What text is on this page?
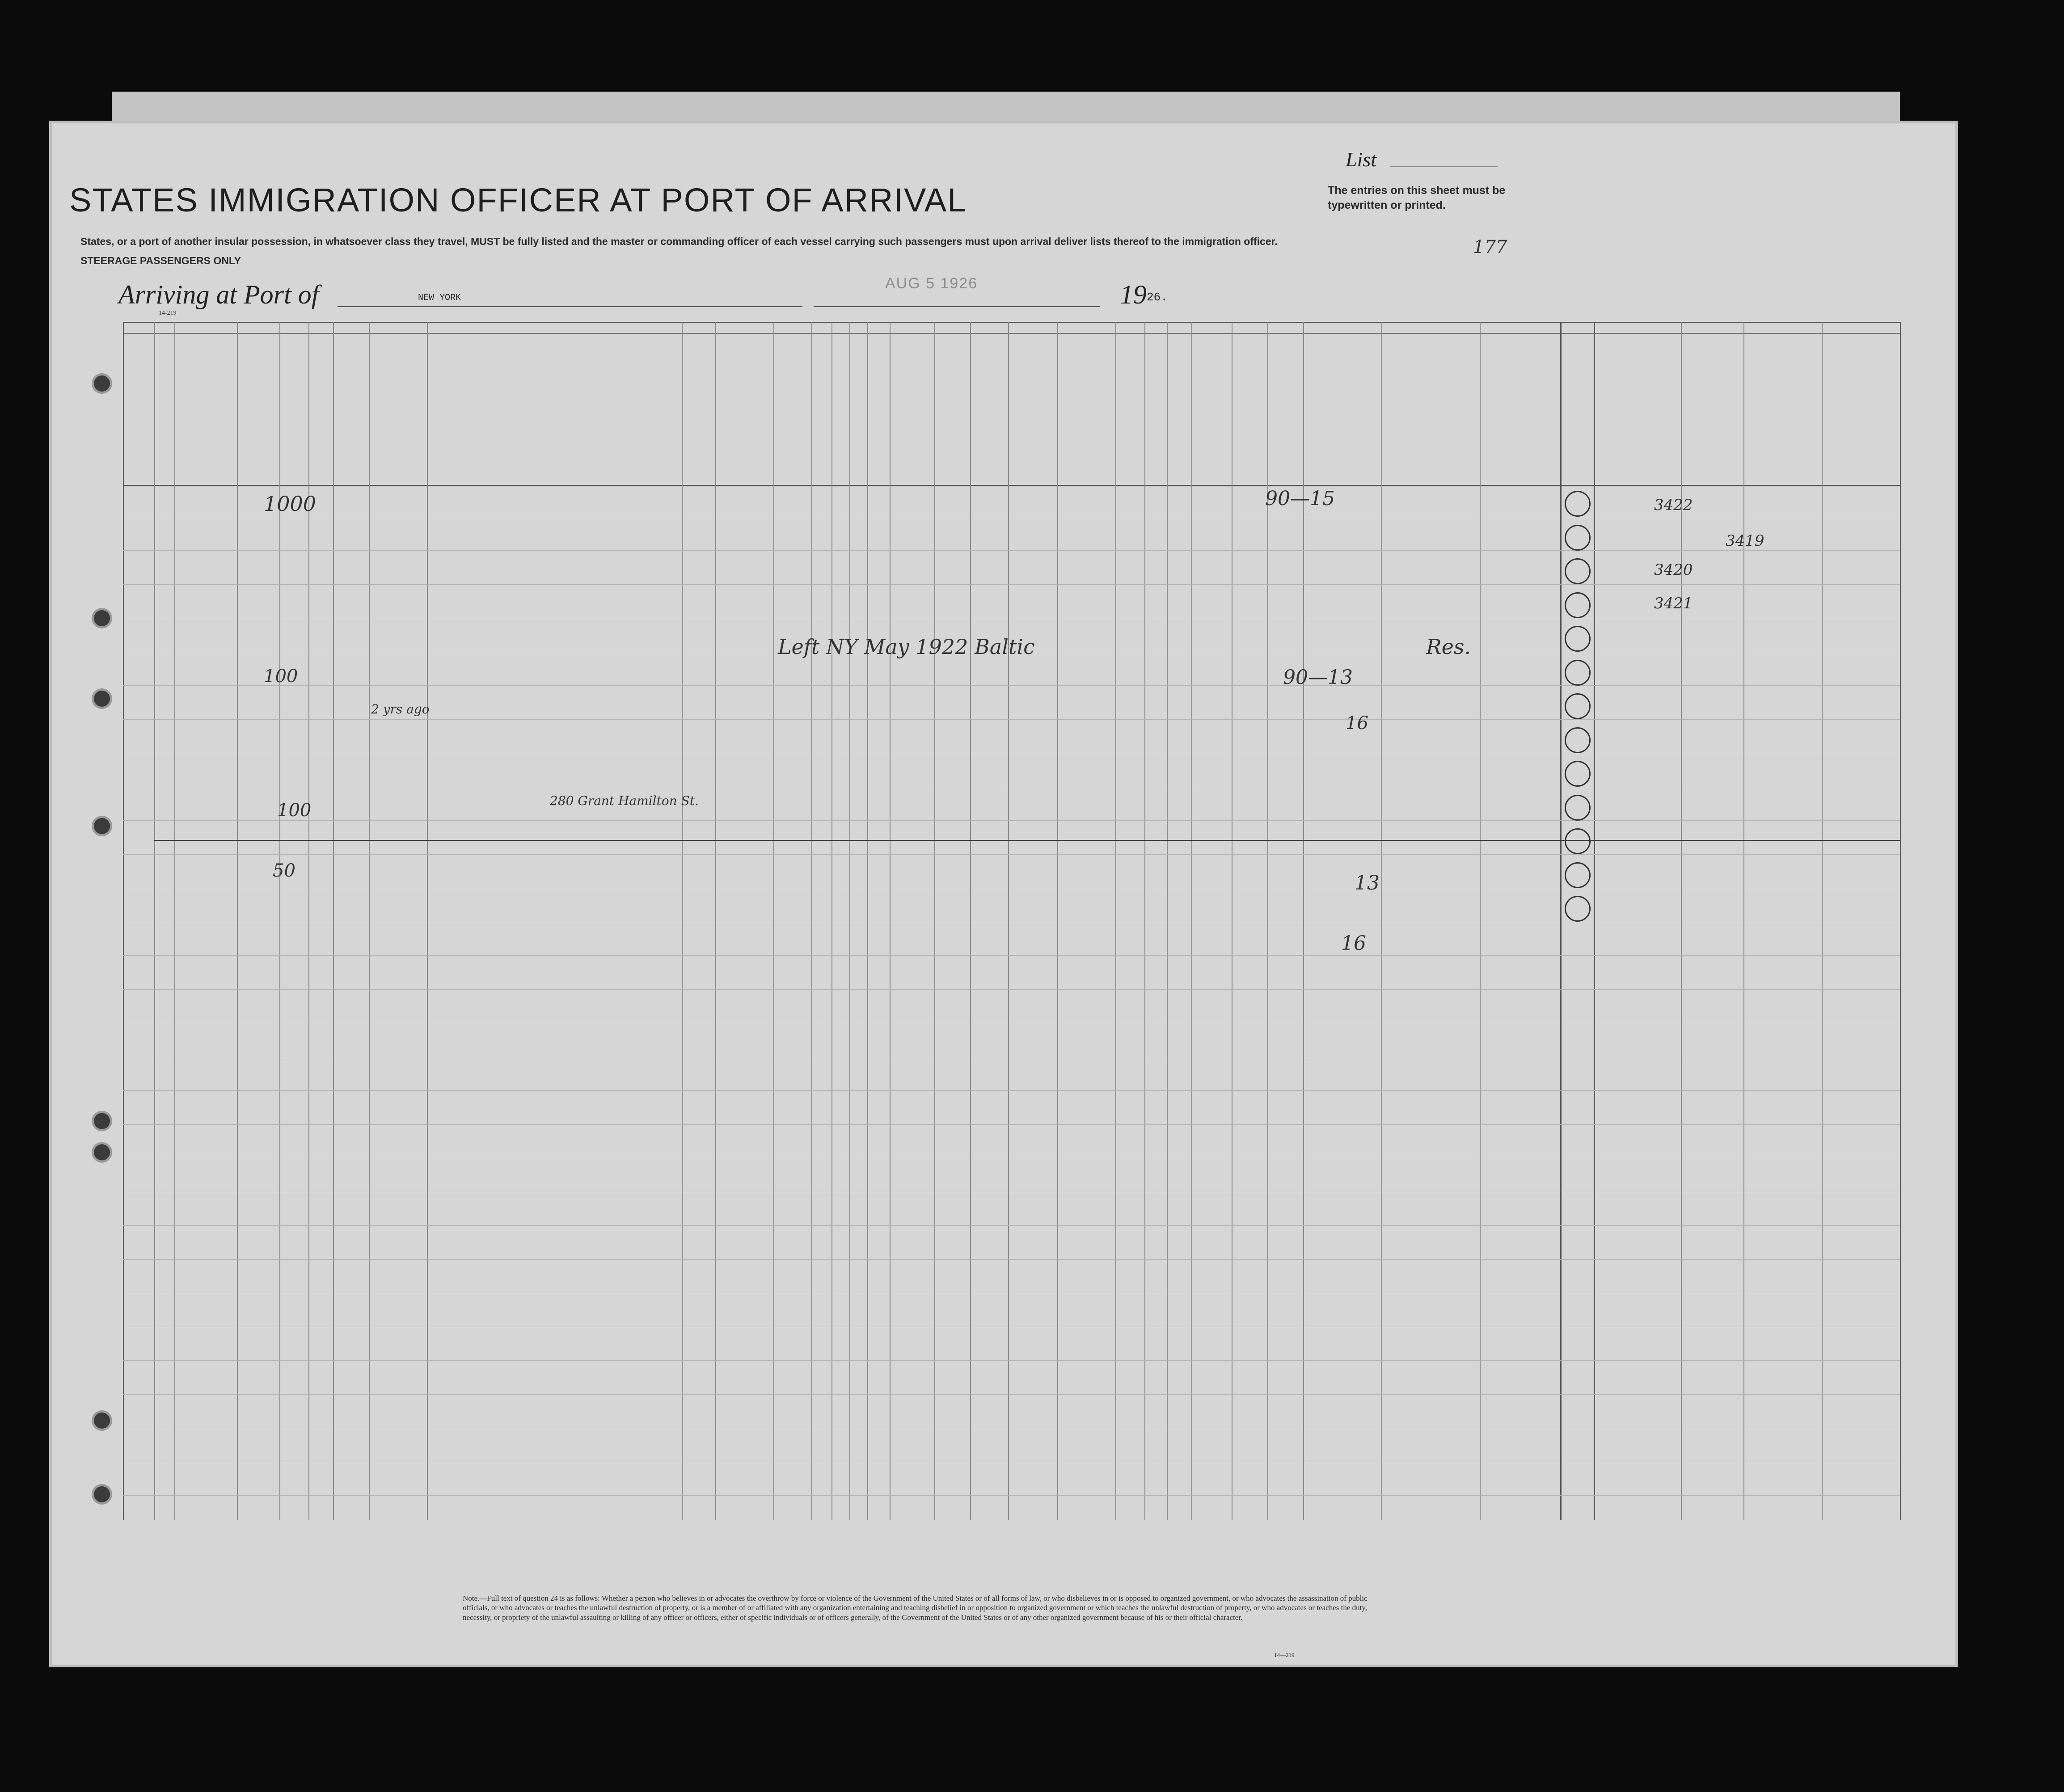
STATES IMMIGRATION OFFICER AT PORT OF ARRIVAL
List
The entries on this sheet must be typewritten or printed.
States, or a port of another insular possession, in whatsoever class they travel, MUST be fully listed and the master or commanding officer of each vessel carrying such passengers must upon arrival deliver lists thereof to the immigration officer.
STEERAGE PASSENGERS ONLY
177
Arriving at Port of	NEW YORK
AUG 5 1926	19 26.
14-219
1000	90—15
Left NY May 1922 Baltic	Res.
100	90—13
2 yrs ago
16
100	280 Grant Hamilton St.
50
13
16
3422
3419
3420
3421
Note.—Full text of question 24 is as follows: Whether a person who believes in or advocates the overthrow by force or violence of the Government of the United States or of all forms of law, or who disbelieves in or is opposed to organized government, or who advocates the assassination of public officials, or who advocates or teaches the unlawful destruction of property, or is a member of or affiliated with any organization entertaining and teaching disbelief in or opposition to organized government or which teaches the unlawful destruction of property, or who advocates or teaches the duty, necessity, or propriety of the unlawful assaulting or killing of any officer or officers, either of specific individuals or of officers generally, of the Government of the United States or of any other organized government because of his or their official character.
14—219
